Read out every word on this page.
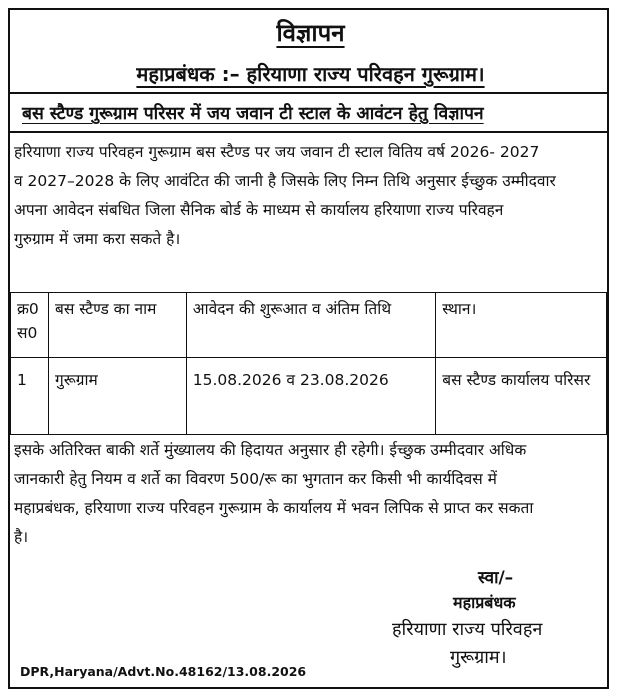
विज्ञापन
महाप्रबंधक :– हरियाणा राज्य परिवहन गुरूग्राम।
बस स्टैण्ड गुरूग्राम परिसर में जय जवान टी स्टाल के आवंटन हेतु विज्ञापन
हरियाणा राज्य परिवहन गुरूग्राम बस स्टैण्ड पर जय जवान टी स्टाल वितिय वर्ष 2026- 2027
व 2027–2028 के लिए आवंटित की जानी है जिसके लिए निम्न तिथि अनुसार ईच्छुक उम्मीदवार
अपना आवेदन संबधित जिला सैनिक बोर्ड के माध्यम से कार्यालय हरियाणा राज्य परिवहन
गुरुग्राम में जमा करा सकते है।
क्र0 स0	बस स्टैण्ड का नाम	आवेदन की शुरूआत व अंतिम तिथि	स्थान।
1	गुरूग्राम	15.08.2026 व 23.08.2026	बस स्टैण्ड कार्यालय परिसर
इसके अतिरिक्त बाकी शर्ते मुंख्यालय की हिदायत अनुसार ही रहेगी। ईच्छुक उम्मीदवार अधिक
जानकारी हेतु नियम व शर्ते का विवरण 500/रू का भुगतान कर किसी भी कार्यदिवस में
महाप्रबंधक, हरियाणा राज्य परिवहन गुरूग्राम के कार्यालय में भवन लिपिक से प्राप्त कर सकता
है।
स्वा/–
महाप्रबंधक
हरियाणा राज्य परिवहन
गुरूग्राम।
DPR,Haryana/Advt.No.48162/13.08.2026
